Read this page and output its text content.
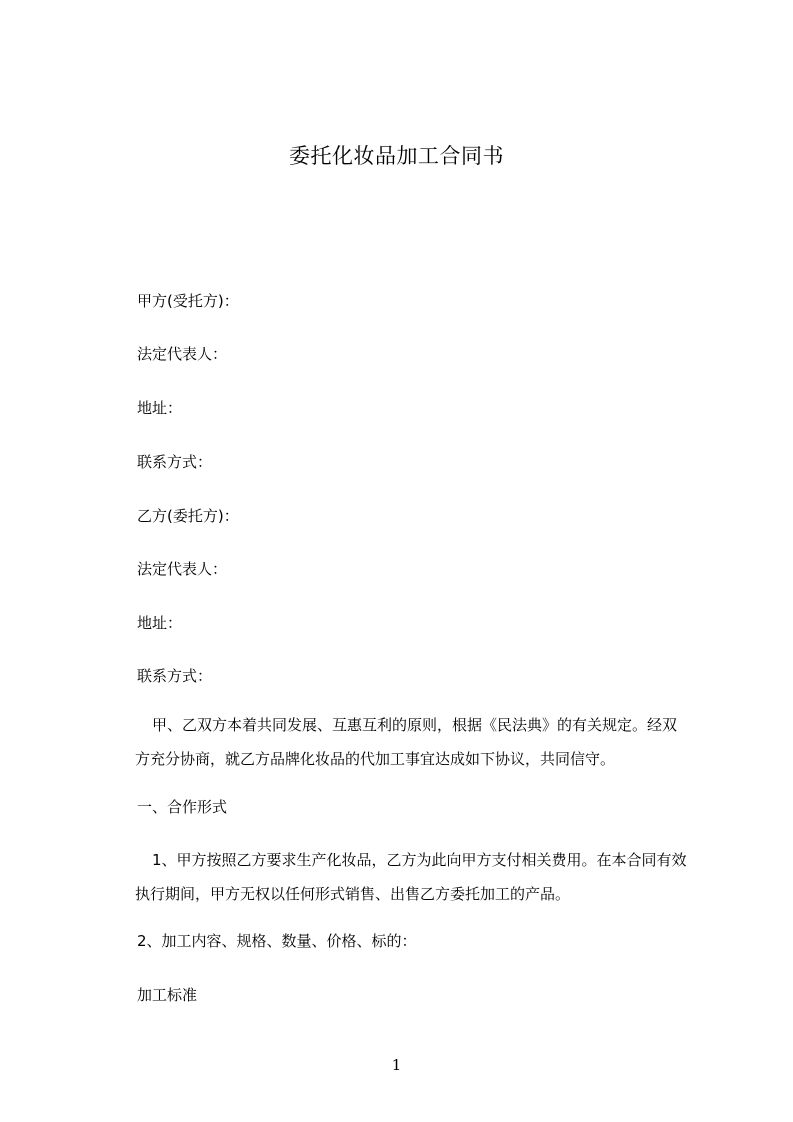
委托化妆品加工合同书
甲方(受托方)：
法定代表人：
地址：
联系方式：
乙方(委托方)：
法定代表人：
地址：
联系方式：
甲、乙双方本着共同发展、互惠互利的原则，根据《民法典》的有关规定。经双
方充分协商，就乙方品牌化妆品的代加工事宜达成如下协议，共同信守。
一、合作形式
1、甲方按照乙方要求生产化妆品，乙方为此向甲方支付相关费用。在本合同有效
执行期间，甲方无权以任何形式销售、出售乙方委托加工的产品。
2、加工内容、规格、数量、价格、标的：
加工标准
1
